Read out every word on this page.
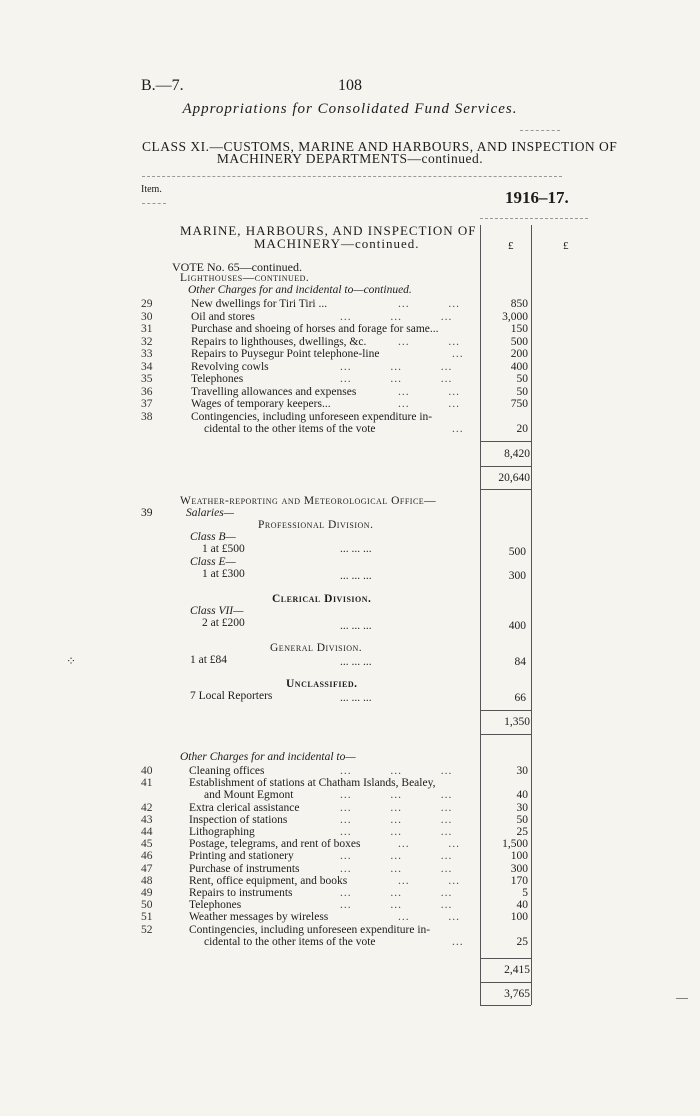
B.—7.	108
Appropriations for Consolidated Fund Services.
CLASS XI.—CUSTOMS, MARINE AND HARBOURS, AND INSPECTION OF
MACHINERY DEPARTMENTS—continued.
Item.	1916–17.
MARINE, HARBOURS, AND INSPECTION OF
MACHINERY—continued.	£	£
VOTE No. 65—continued.
Lighthouses—continued.
Other Charges for and incidental to—continued.
29	New dwellings for Tiri Tiri ...	...          ...	850
30	Oil and stores	...          ...          ...	3,000
31	Purchase and shoeing of horses and forage for same...	150
32	Repairs to lighthouses, dwellings, &c.	...          ...	500
33	Repairs to Puysegur Point telephone-line	...	200
34	Revolving cowls	...          ...          ...	400
35	Telephones	...          ...          ...	50
36	Travelling allowances and expenses	...          ...	50
37	Wages of temporary keepers...	...          ...	750
38	Contingencies, including unforeseen expenditure in-
cidental to the other items of the vote	...	20
8,420
20,640
Weather-reporting and Meteorological Office—
39	Salaries—
Professional Division.
Class B—
1 at £500	... ... ...	500
Class E—
1 at £300	... ... ...	300
Clerical Division.
Class VII—
2 at £200	... ... ...	400
General Division.
1 at £84	... ... ...	84
Unclassified.
7 Local Reporters	... ... ...	66
1,350
Other Charges for and incidental to—
40	Cleaning offices	...          ...          ...	30
41	Establishment of stations at Chatham Islands, Bealey,
and Mount Egmont	...          ...          ...	40
42	Extra clerical assistance	...          ...          ...	30
43	Inspection of stations	...          ...          ...	50
44	Lithographing	...          ...          ...	25
45	Postage, telegrams, and rent of boxes	...          ...	1,500
46	Printing and stationery	...          ...          ...	100
47	Purchase of instruments	...          ...          ...	300
48	Rent, office equipment, and books	...          ...	170
49	Repairs to instruments	...          ...          ...	5
50	Telephones	...          ...          ...	40
51	Weather messages by wireless	...          ...	100
52	Contingencies, including unforeseen expenditure in-
cidental to the other items of the vote	...	25
2,415
3,765
⁘
—
